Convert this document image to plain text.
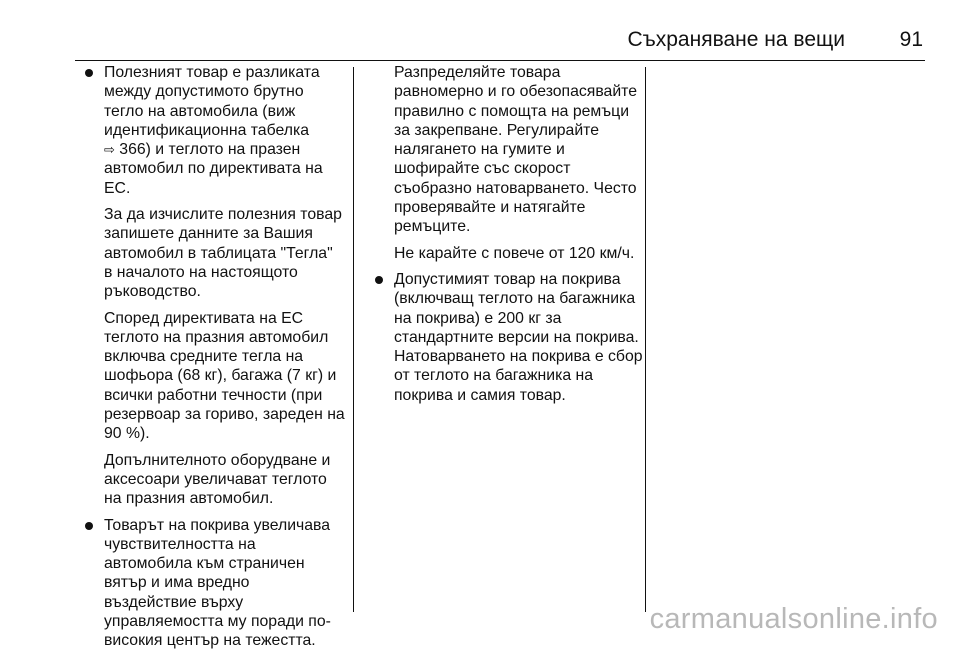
Съхраняване на вещи	91
Полезният товар е разликата между допустимото брутно тегло на автомобила (виж идентификационна табелка
⇨ 366) и теглото на празен автомобил по директивата на ЕС.
За да изчислите полезния товар запишете данните за Вашия автомобил в таблицата "Тегла" в началото на настоящото ръководство.
Според директивата на ЕС теглото на празния автомобил включва средните тегла на шофьора (68 кг), багажа (7 кг) и всички работни течности (при резервоар за гориво, зареден на 90 %).
Допълнителното оборудване и аксесоари увеличават теглото на празния автомобил.
Товарът на покрива увеличава чувствителността на автомобила към страничен вятър и има вредно въздействие върху управляемостта му поради по-високия център на тежестта.
Разпределяйте товара равномерно и го обезопасявайте правилно с помощта на ремъци за закрепване. Регулирайте налягането на гумите и шофирайте със скорост съобразно натоварването. Често проверявайте и натягайте ремъците.
Не карайте с повече от 120 км/ч.
Допустимият товар на покрива (включващ теглото на багажника на покрива) е 200 кг за стандартните версии на покрива. Натоварването на покрива е сбор от теглото на багажника на покрива и самия товар.
carmanualsonline.info
